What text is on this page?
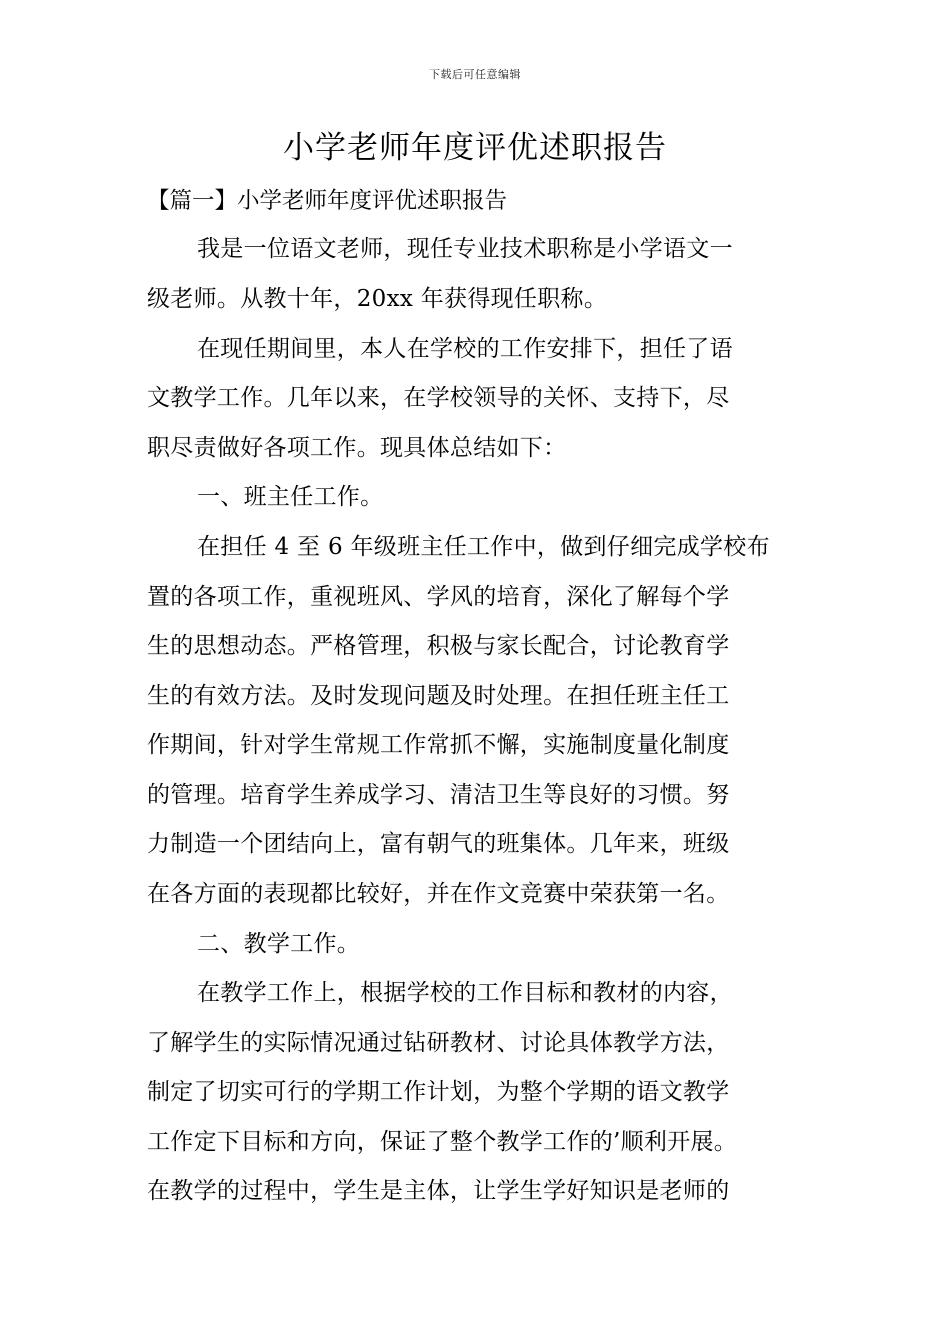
下载后可任意编辑
小学老师年度评优述职报告
【篇一】小学老师年度评优述职报告
我是一位语文老师，现任专业技术职称是小学语文一
级老师。从教十年，20xx 年获得现任职称。
在现任期间里，本人在学校的工作安排下，担任了语
文教学工作。几年以来，在学校领导的关怀、支持下，尽
职尽责做好各项工作。现具体总结如下：
一、班主任工作。
在担任 4 至 6 年级班主任工作中，做到仔细完成学校布
置的各项工作，重视班风、学风的培育，深化了解每个学
生的思想动态。严格管理，积极与家长配合，讨论教育学
生的有效方法。及时发现问题及时处理。在担任班主任工
作期间，针对学生常规工作常抓不懈，实施制度量化制度
的管理。培育学生养成学习、清洁卫生等良好的习惯。努
力制造一个团结向上，富有朝气的班集体。几年来，班级
在各方面的表现都比较好，并在作文竞赛中荣获第一名。
二、教学工作。
在教学工作上，根据学校的工作目标和教材的内容，
了解学生的实际情况通过钻研教材、讨论具体教学方法，
制定了切实可行的学期工作计划，为整个学期的语文教学
工作定下目标和方向，保证了整个教学工作的’顺利开展。
在教学的过程中，学生是主体，让学生学好知识是老师的
